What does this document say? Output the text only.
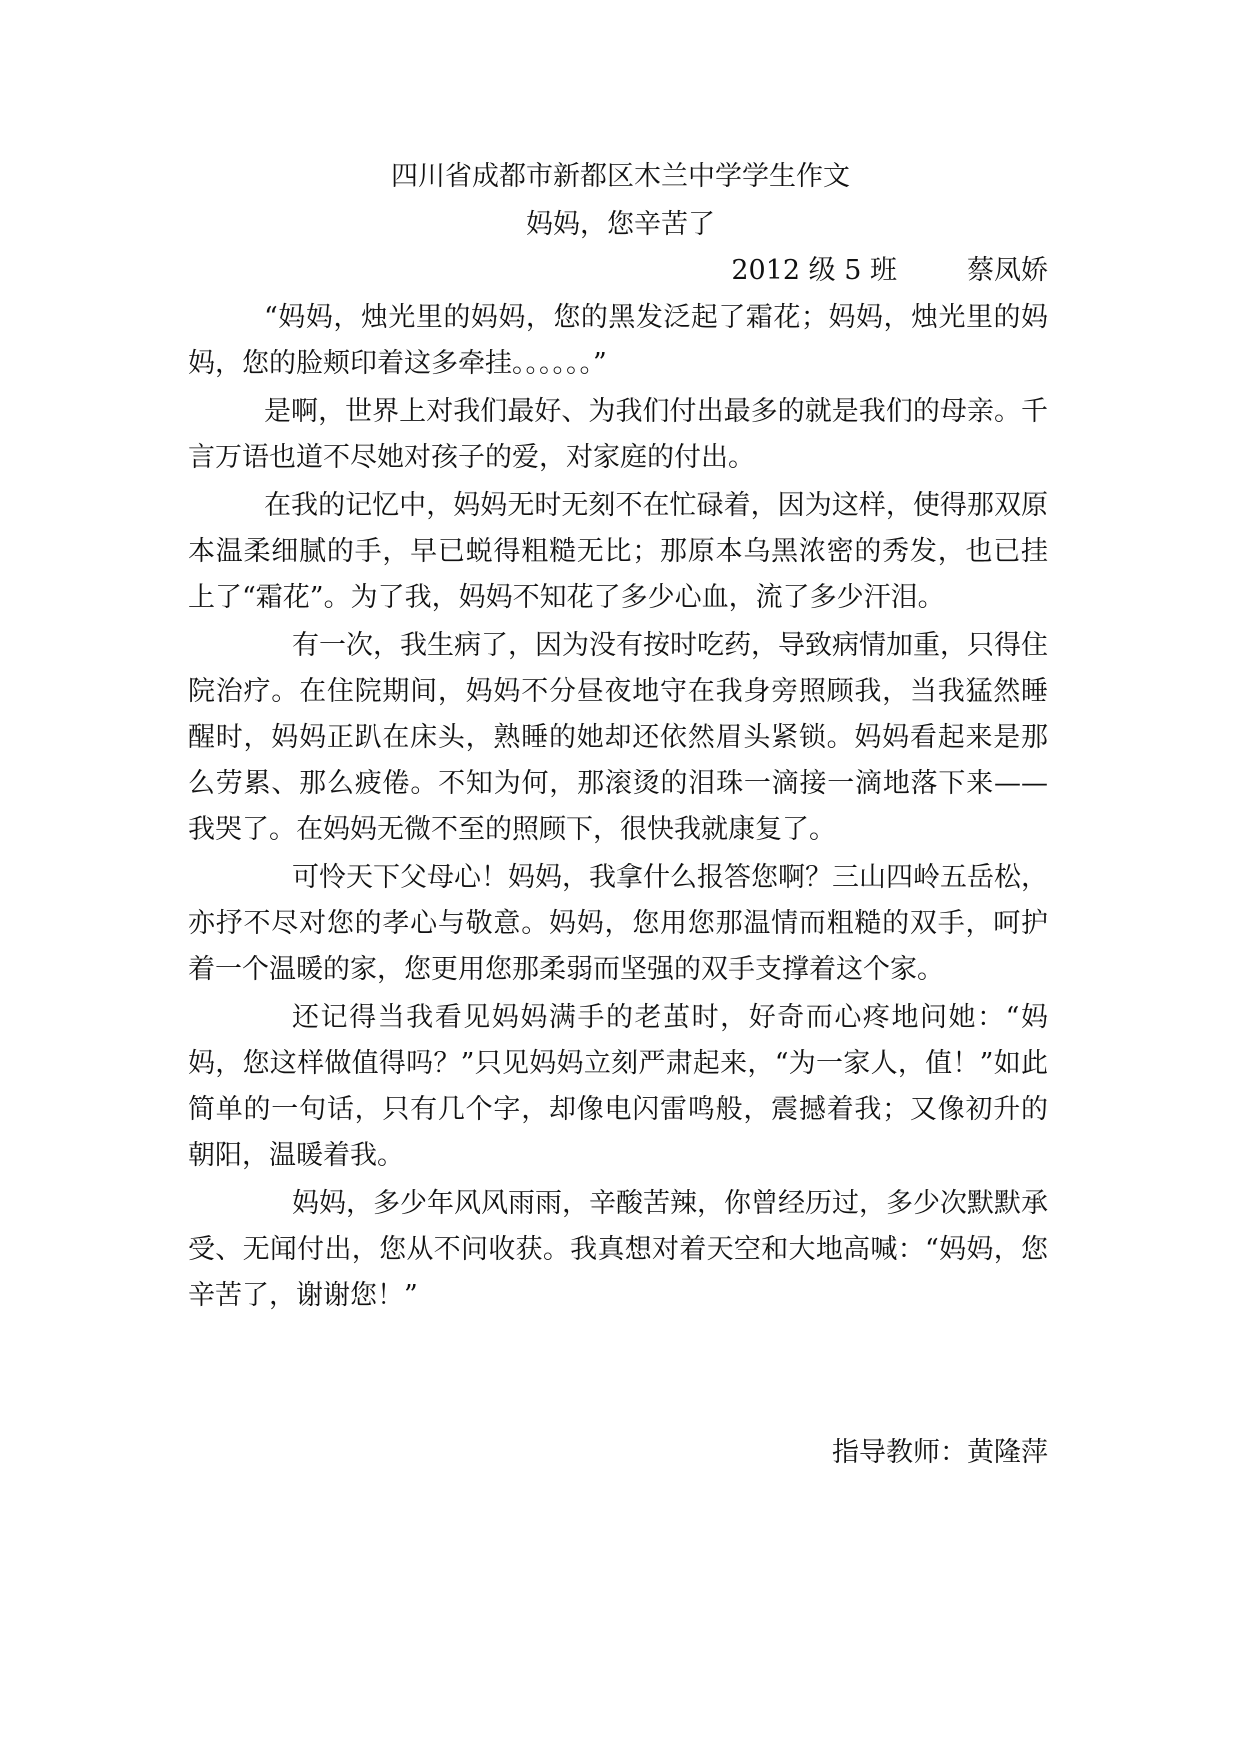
四川省成都市新都区木兰中学学生作文
妈妈，您辛苦了
2012 级 5 班	蔡凤娇

“妈妈，烛光里的妈妈，您的黑发泛起了霜花；妈妈，烛光里的妈妈，您的脸颊印着这多牵挂。。。。。。”

是啊，世界上对我们最好、为我们付出最多的就是我们的母亲。千言万语也道不尽她对孩子的爱，对家庭的付出。

在我的记忆中，妈妈无时无刻不在忙碌着，因为这样，使得那双原本温柔细腻的手，早已蜕得粗糙无比；那原本乌黑浓密的秀发，也已挂上了“霜花”。为了我，妈妈不知花了多少心血，流了多少汗泪。

有一次，我生病了，因为没有按时吃药，导致病情加重，只得住院治疗。在住院期间，妈妈不分昼夜地守在我身旁照顾我，当我猛然睡醒时，妈妈正趴在床头，熟睡的她却还依然眉头紧锁。妈妈看起来是那么劳累、那么疲倦。不知为何，那滚烫的泪珠一滴接一滴地落下来——我哭了。在妈妈无微不至的照顾下，很快我就康复了。

可怜天下父母心！妈妈，我拿什么报答您啊？三山四岭五岳松，亦抒不尽对您的孝心与敬意。妈妈，您用您那温情而粗糙的双手，呵护着一个温暖的家，您更用您那柔弱而坚强的双手支撑着这个家。

还记得当我看见妈妈满手的老茧时，好奇而心疼地问她：“妈妈，您这样做值得吗？”只见妈妈立刻严肃起来，“为一家人，值！”如此简单的一句话，只有几个字，却像电闪雷鸣般，震撼着我；又像初升的朝阳，温暖着我。

妈妈，多少年风风雨雨，辛酸苦辣，你曾经历过，多少次默默承受、无闻付出，您从不问收获。我真想对着天空和大地高喊：“妈妈，您辛苦了，谢谢您！”

指导教师：黄隆萍
